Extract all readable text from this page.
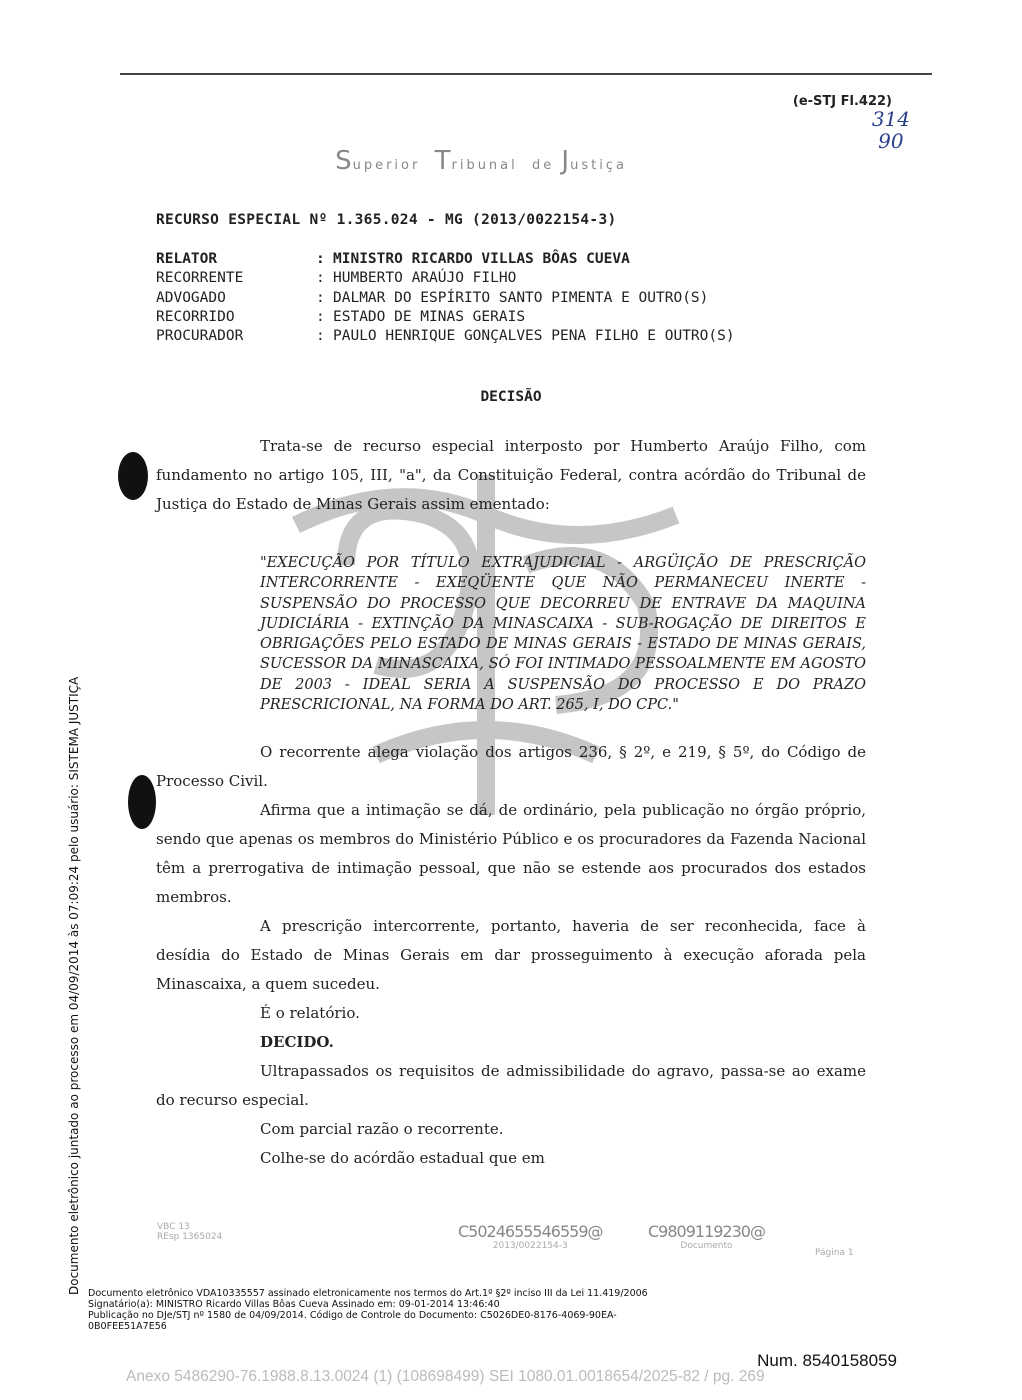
(e-STJ Fl.422)
314
90
Superior Tribunal de Justiça
RECURSO ESPECIAL Nº 1.365.024 - MG (2013/0022154-3)
RELATOR	: MINISTRO RICARDO VILLAS BÔAS CUEVA
RECORRENTE	: HUMBERTO ARAÚJO FILHO
ADVOGADO	: DALMAR DO ESPÍRITO SANTO PIMENTA E OUTRO(S)
RECORRIDO	: ESTADO DE MINAS GERAIS
PROCURADOR	: PAULO HENRIQUE GONÇALVES PENA FILHO E OUTRO(S)
DECISÃO

Trata-se de recurso especial interposto por Humberto Araújo Filho, com fundamento no artigo 105, III, "a", da Constituição Federal, contra acórdão do Tribunal de Justiça do Estado de Minas Gerais assim ementado:

"EXECUÇÃO POR TÍTULO EXTRAJUDICIAL - ARGÜIÇÃO DE PRESCRIÇÃO INTERCORRENTE - EXEQÜENTE QUE NÃO PERMANECEU INERTE - SUSPENSÃO DO PROCESSO QUE DECORREU DE ENTRAVE DA MAQUINA JUDICIÁRIA - EXTINÇÃO DA MINASCAIXA - SUB-ROGAÇÃO DE DIREITOS E OBRIGAÇÕES PELO ESTADO DE MINAS GERAIS - ESTADO DE MINAS GERAIS, SUCESSOR DA MINASCAIXA, SÓ FOI INTIMADO PESSOALMENTE EM AGOSTO DE 2003 - IDEAL SERIA A SUSPENSÃO DO PROCESSO E DO PRAZO PRESCRICIONAL, NA FORMA DO ART. 265, I, DO CPC."

O recorrente alega violação dos artigos 236, § 2º, e 219, § 5º, do Código de Processo Civil.

Afirma que a intimação se dá, de ordinário, pela publicação no órgão próprio, sendo que apenas os membros do Ministério Público e os procuradores da Fazenda Nacional têm a prerrogativa de intimação pessoal, que não se estende aos procurados dos estados membros.

A prescrição intercorrente, portanto, haveria de ser reconhecida, face à desídia do Estado de Minas Gerais em dar prosseguimento à execução aforada pela Minascaixa, a quem sucedeu.

É o relatório.

DECIDO.

Ultrapassados os requisitos de admissibilidade do agravo, passa-se ao exame do recurso especial.

Com parcial razão o recorrente.

Colhe-se do acórdão estadual que em

Documento eletrônico juntado ao processo em 04/09/2014 às 07:09:24 pelo usuário: SISTEMA JUSTIÇA	VBC 13
REsp 1365024	C5024655546559@
2013/0022154-3
C9809119230@
Documento
Página 1
Documento eletrônico VDA10335557 assinado eletronicamente nos termos do Art.1º §2º inciso III da Lei 11.419/2006
Signatário(a): MINISTRO Ricardo Villas Bôas Cueva Assinado em: 09-01-2014 13:46:40
Publicação no DJe/STJ nº 1580 de 04/09/2014. Código de Controle do Documento: C5026DE0-8176-4069-90EA-0B0FEE51A7E56
Num. 8540158059
Anexo 5486290-76.1988.8.13.0024 (1) (108698499) SEI 1080.01.0018654/2025-82 / pg. 269
